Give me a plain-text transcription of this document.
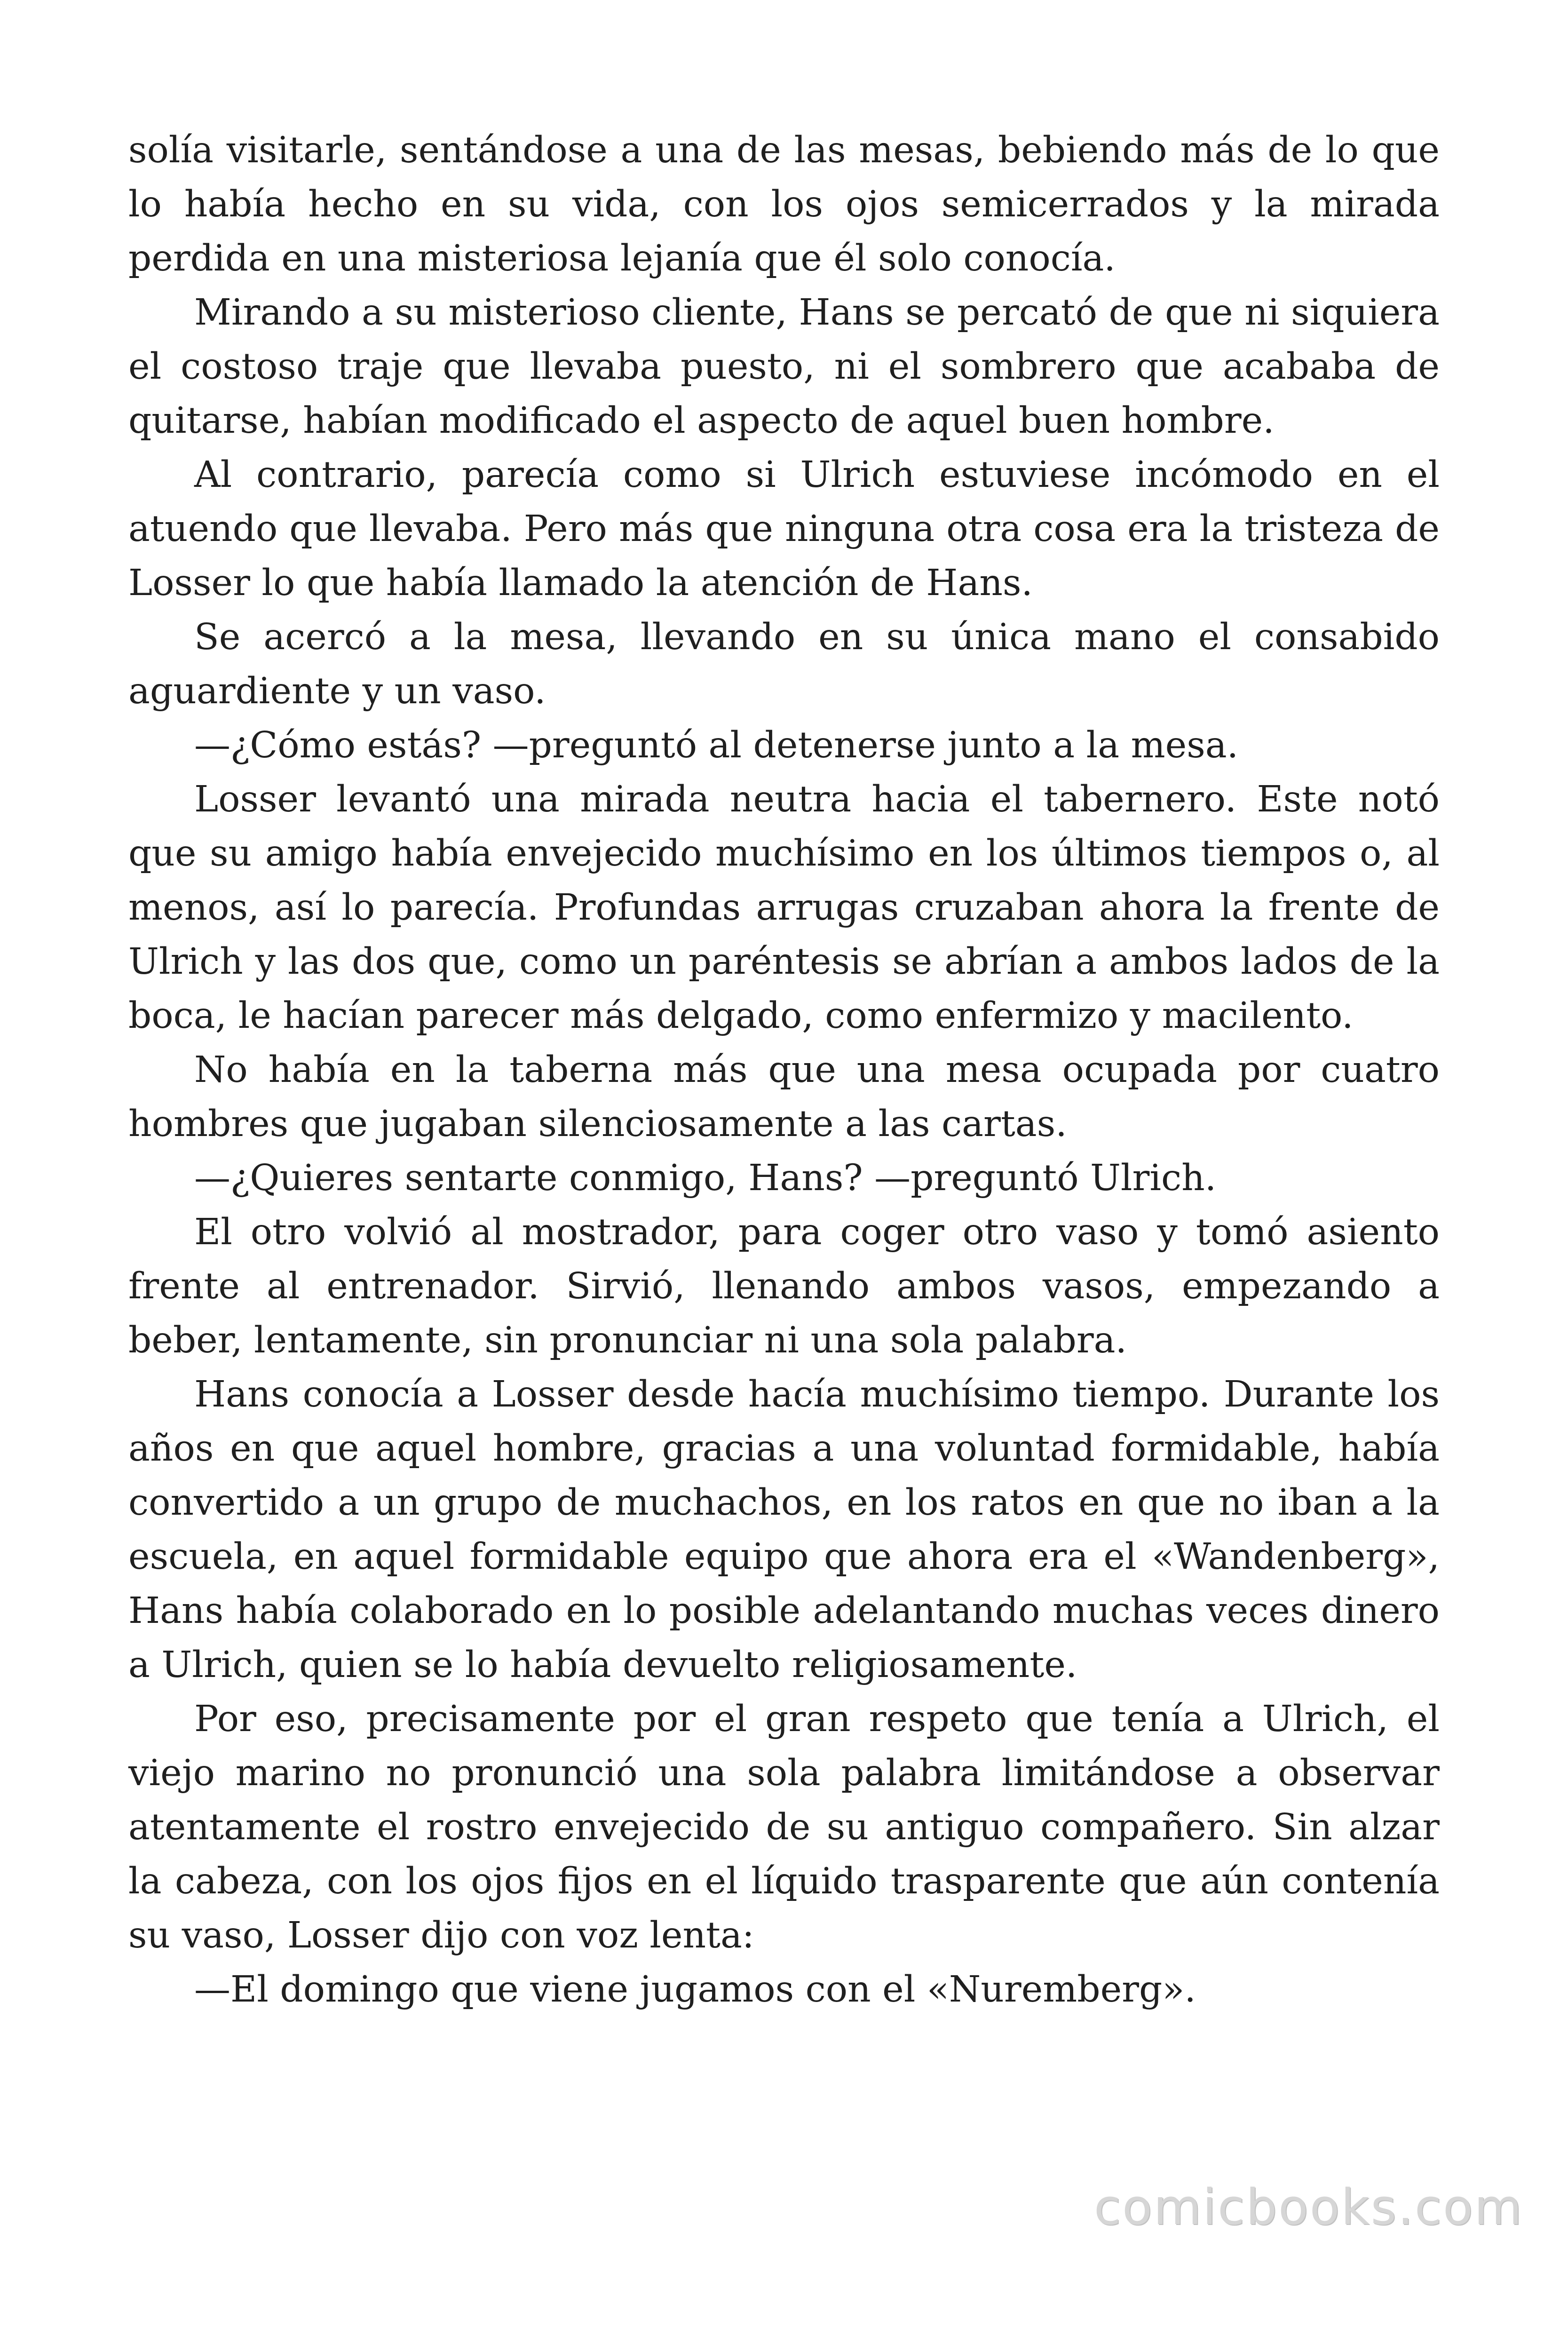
solía visitarle, sentándose a una de las mesas, bebiendo más de lo que lo había hecho en su vida, con los ojos semicerrados y la mirada perdida en una misteriosa lejanía que él solo conocía.

Mirando a su misterioso cliente, Hans se percató de que ni siquiera el costoso traje que llevaba puesto, ni el sombrero que acababa de quitarse, habían modificado el aspecto de aquel buen hombre.

Al contrario, parecía como si Ulrich estuviese incómodo en el atuendo que llevaba. Pero más que ninguna otra cosa era la tristeza de Losser lo que había llamado la atención de Hans.

Se acercó a la mesa, llevando en su única mano el consabido aguardiente y un vaso.

—¿Cómo estás? —preguntó al detenerse junto a la mesa.

Losser levantó una mirada neutra hacia el tabernero. Este notó que su amigo había envejecido muchísimo en los últimos tiempos o, al menos, así lo parecía. Profundas arrugas cruzaban ahora la frente de Ulrich y las dos que, como un paréntesis se abrían a ambos lados de la boca, le hacían parecer más delgado, como enfermizo y macilento.

No había en la taberna más que una mesa ocupada por cuatro hombres que jugaban silenciosamente a las cartas.

—¿Quieres sentarte conmigo, Hans? —preguntó Ulrich.

El otro volvió al mostrador, para coger otro vaso y tomó asiento frente al entrenador. Sirvió, llenando ambos vasos, empezando a beber, lentamente, sin pronunciar ni una sola palabra.

Hans conocía a Losser desde hacía muchísimo tiempo. Durante los años en que aquel hombre, gracias a una voluntad formidable, había convertido a un grupo de muchachos, en los ratos en que no iban a la escuela, en aquel formidable equipo que ahora era el «Wandenberg», Hans había colaborado en lo posible adelantando muchas veces dinero a Ulrich, quien se lo había devuelto religiosamente.

Por eso, precisamente por el gran respeto que tenía a Ulrich, el viejo marino no pronunció una sola palabra limitándose a observar atentamente el rostro envejecido de su antiguo compañero. Sin alzar la cabeza, con los ojos fijos en el líquido trasparente que aún contenía su vaso, Losser dijo con voz lenta:

—El domingo que viene jugamos con el «Nuremberg».

comicbooks.com
